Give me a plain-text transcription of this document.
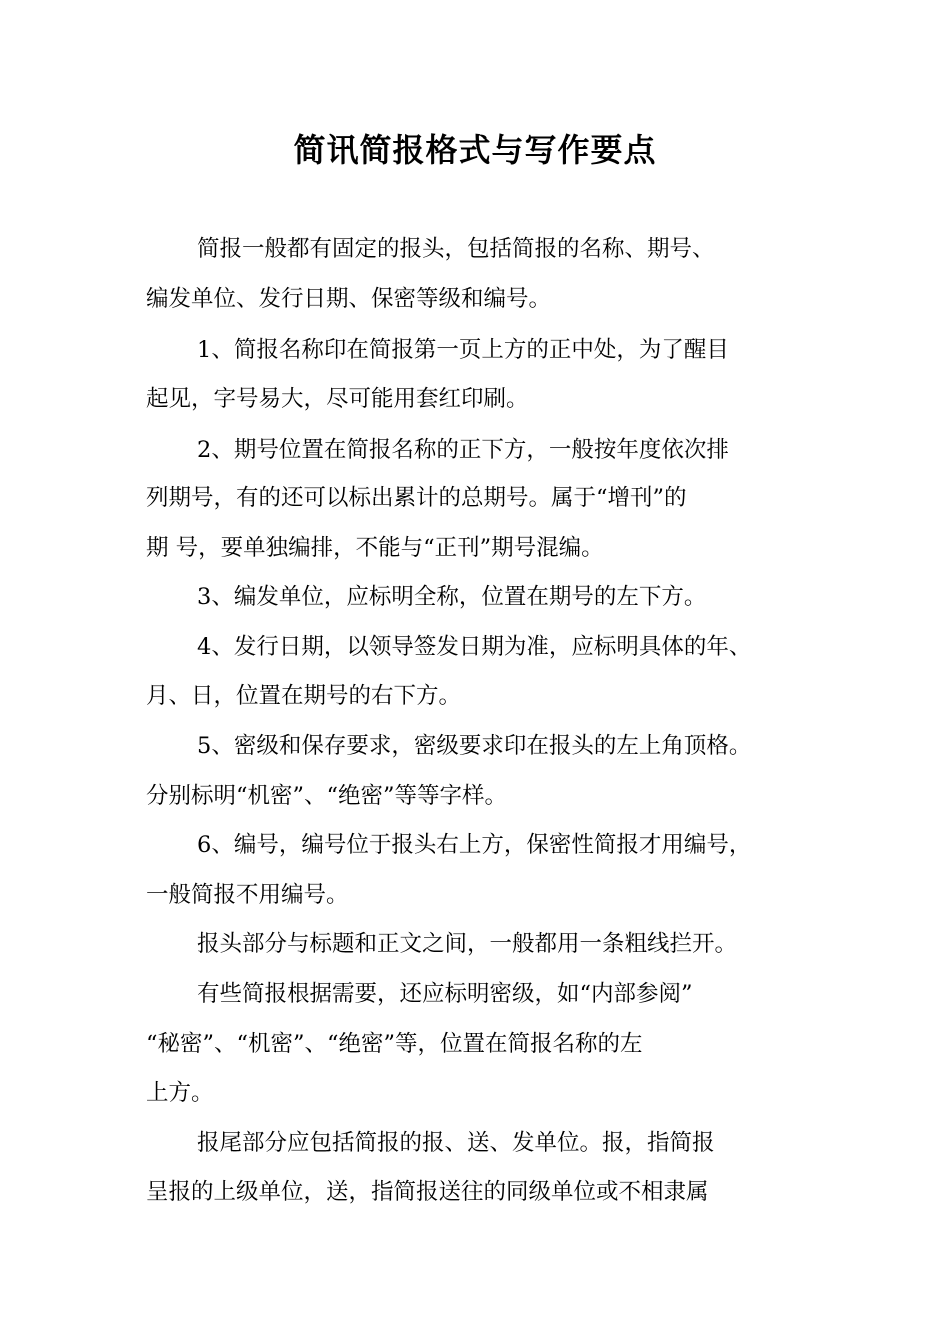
简讯简报格式与写作要点
简报一般都有固定的报头，包括简报的名称、期号、
编发单位、发行日期、保密等级和编号。
1、简报名称印在简报第一页上方的正中处，为了醒目
起见，字号易大，尽可能用套红印刷。
2、期号位置在简报名称的正下方，一般按年度依次排
列期号，有的还可以标出累计的总期号。属于“增刊”的
期 号，要单独编排，不能与“正刊”期号混编。
3、编发单位，应标明全称，位置在期号的左下方。
4、发行日期，以领导签发日期为准，应标明具体的年、
月、日，位置在期号的右下方。
5、密级和保存要求，密级要求印在报头的左上角顶格。
分别标明“机密”、“绝密”等等字样。
6、编号，编号位于报头右上方，保密性简报才用编号，
一般简报不用编号。
报头部分与标题和正文之间，一般都用一条粗线拦开。
有些简报根据需要，还应标明密级，如“内部参阅”
“秘密”、“机密”、“绝密”等，位置在简报名称的左
上方。
报尾部分应包括简报的报、送、发单位。报，指简报
呈报的上级单位，送，指简报送往的同级单位或不相隶属
